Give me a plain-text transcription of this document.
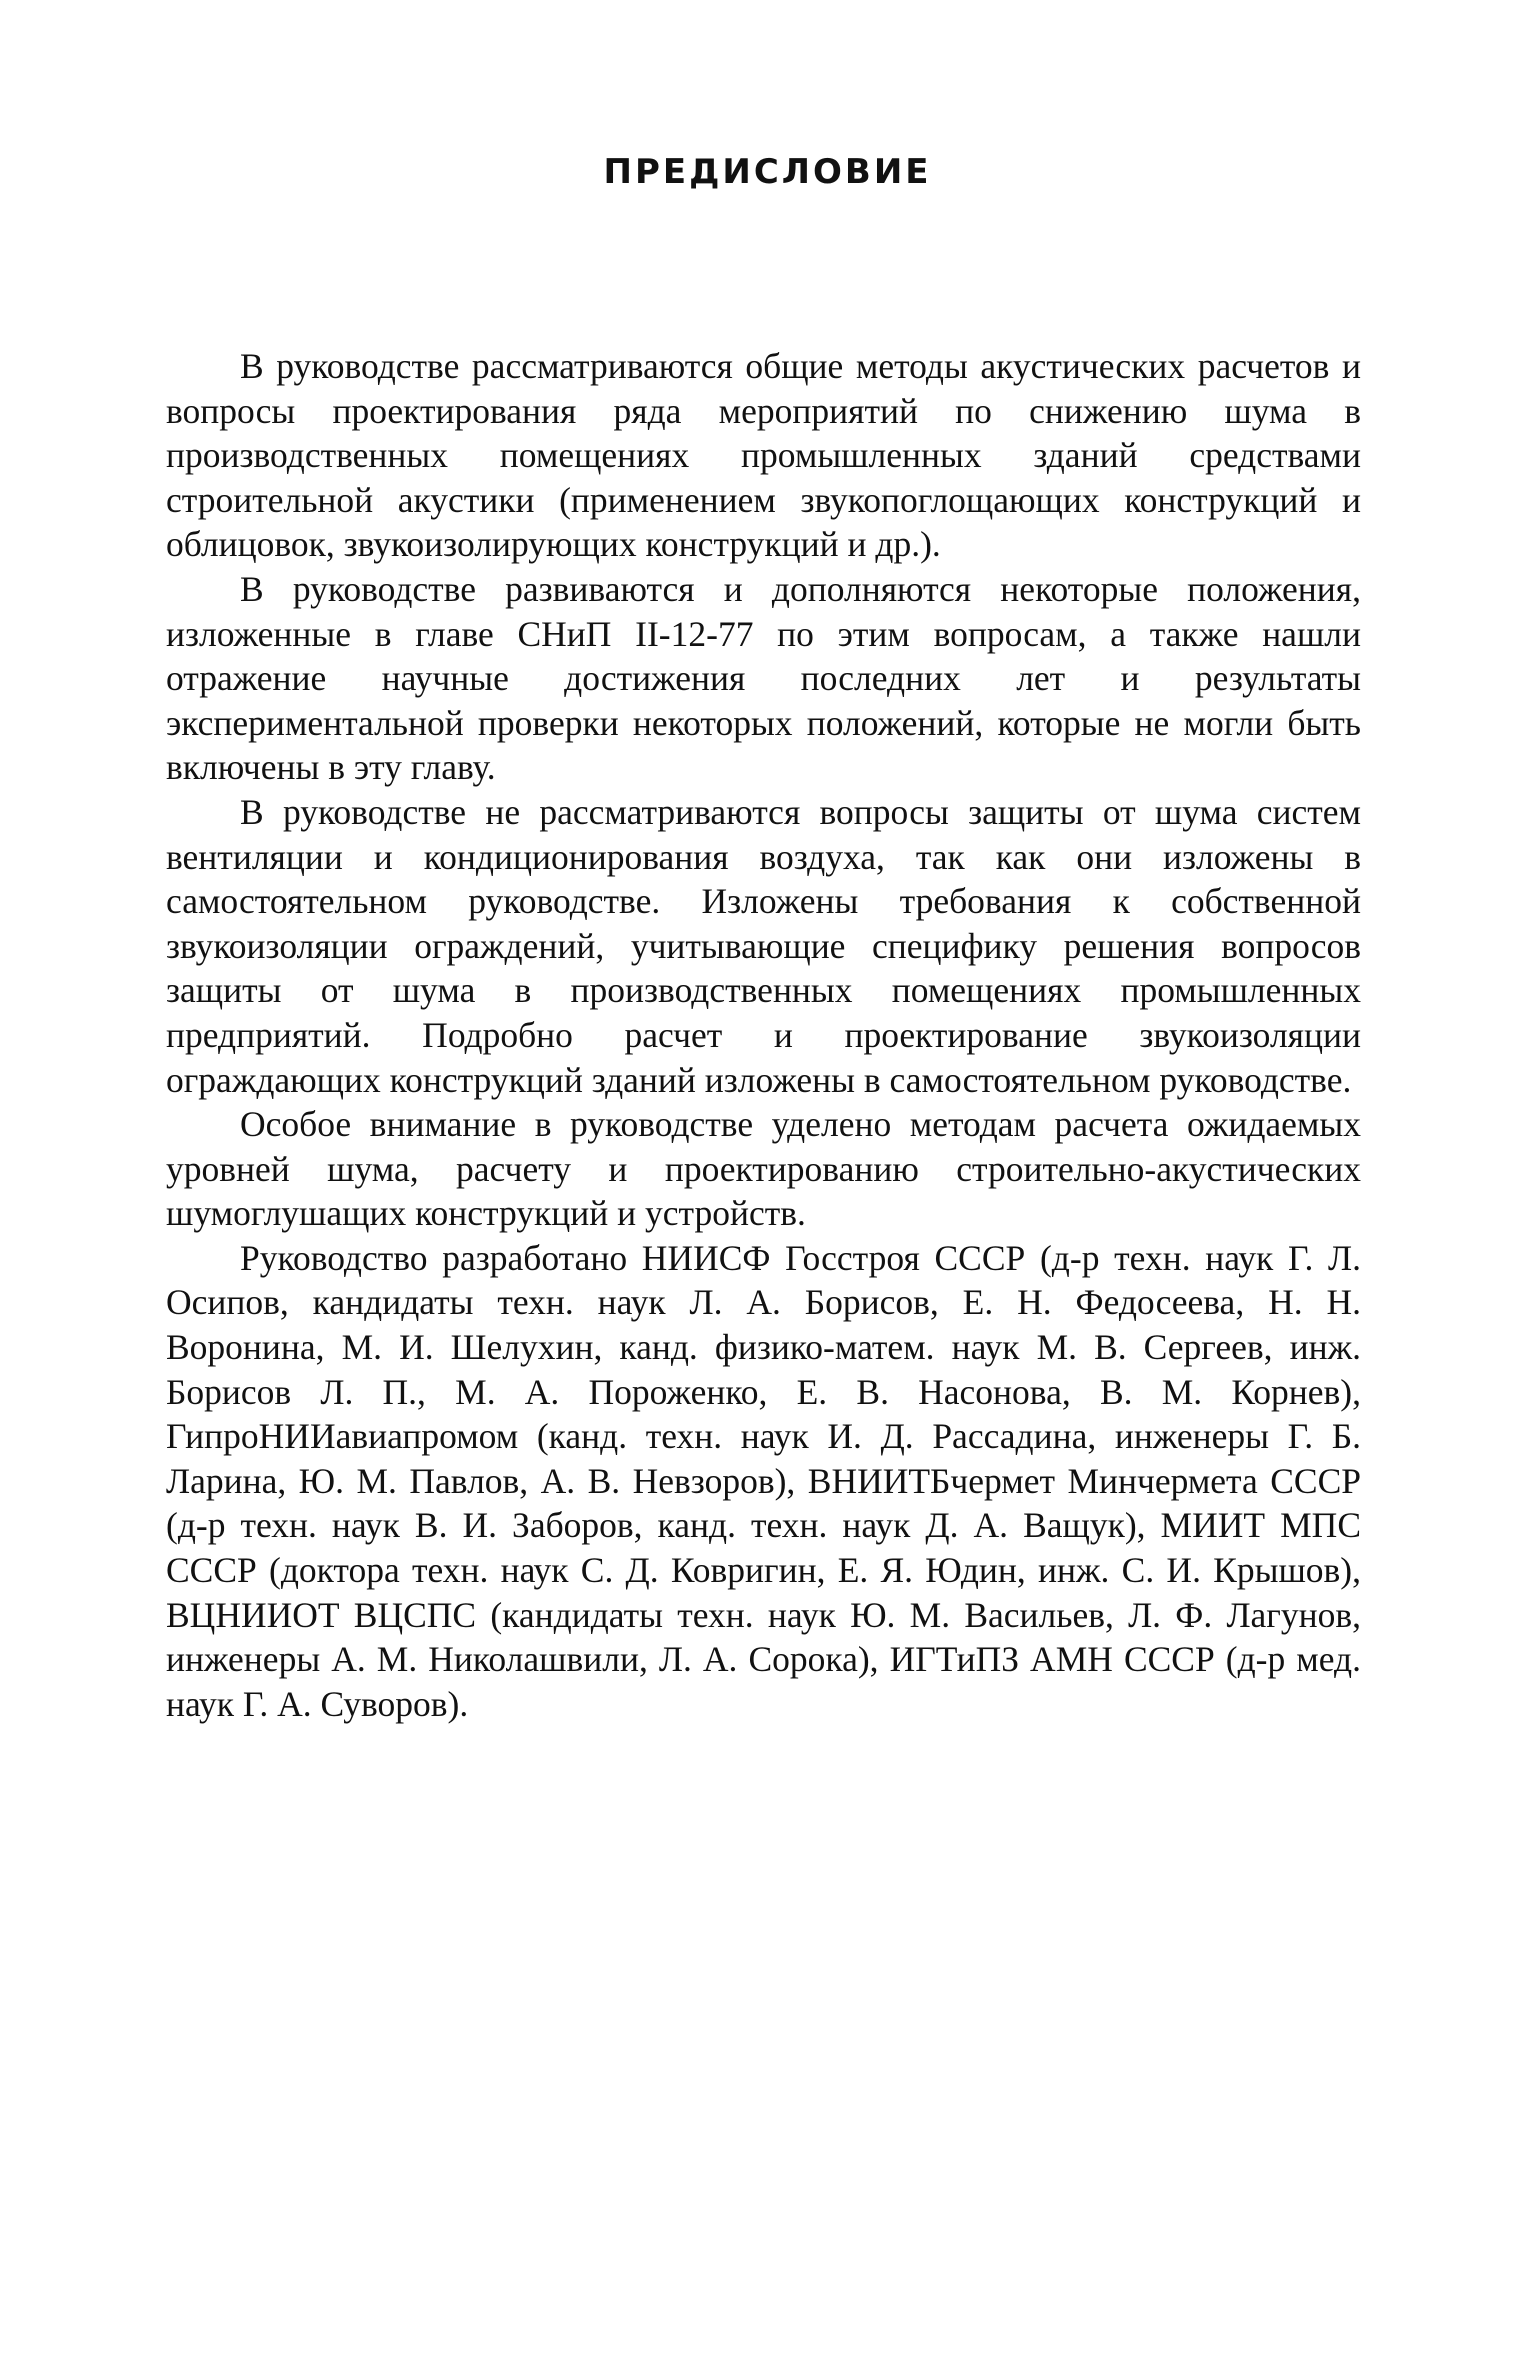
ПРЕДИСЛОВИЕ

В руководстве рассматриваются общие методы акустических расчетов и вопросы проектирования ряда мероприятий по снижению шума в производственных помещениях промышленных зданий средствами строительной акустики (применением звукопоглощающих конструкций и облицовок, звукоизолирующих конструкций и др.).

В руководстве развиваются и дополняются некоторые положения, изложенные в главе СНиП II-12-77 по этим вопросам, а также нашли отражение научные достижения последних лет и результаты экспериментальной проверки некоторых положений, которые не могли быть включены в эту главу.

В руководстве не рассматриваются вопросы защиты от шума систем вентиляции и кондиционирования воздуха, так как они изложены в самостоятельном руководстве. Изложены требования к собственной звукоизоляции ограждений, учитывающие специфику решения вопросов защиты от шума в производственных помещениях промышленных предприятий. Подробно расчет и проектирование звукоизоляции ограждающих конструкций зданий изложены в самостоятельном руководстве.

Особое внимание в руководстве уделено методам расчета ожидаемых уровней шума, расчету и проектированию строительно-акустических шумоглушащих конструкций и устройств.

Руководство разработано НИИСФ Госстроя СССР (д-р техн. наук Г. Л. Осипов, кандидаты техн. наук Л. А. Борисов, Е. Н. Федосеева, Н. Н. Воронина, М. И. Шелухин, канд. физико-матем. наук М. В. Сергеев, инж. Борисов Л. П., М. А. Пороженко, Е. В. Насонова, В. М. Корнев), ГипроНИИавиапромом (канд. техн. наук И. Д. Рассадина, инженеры Г. Б. Ларина, Ю. М. Павлов, А. В. Невзоров), ВНИИТБчермет Минчермета СССР (д-р техн. наук В. И. Заборов, канд. техн. наук Д. А. Ващук), МИИТ МПС СССР (доктора техн. наук С. Д. Ковригин, Е. Я. Юдин, инж. С. И. Крышов), ВЦНИИОТ ВЦСПС (кандидаты техн. наук Ю. М. Васильев, Л. Ф. Лагунов, инженеры А. М. Николашвили, Л. А. Сорока), ИГТиПЗ АМН СССР (д-р мед. наук Г. А. Суворов).
